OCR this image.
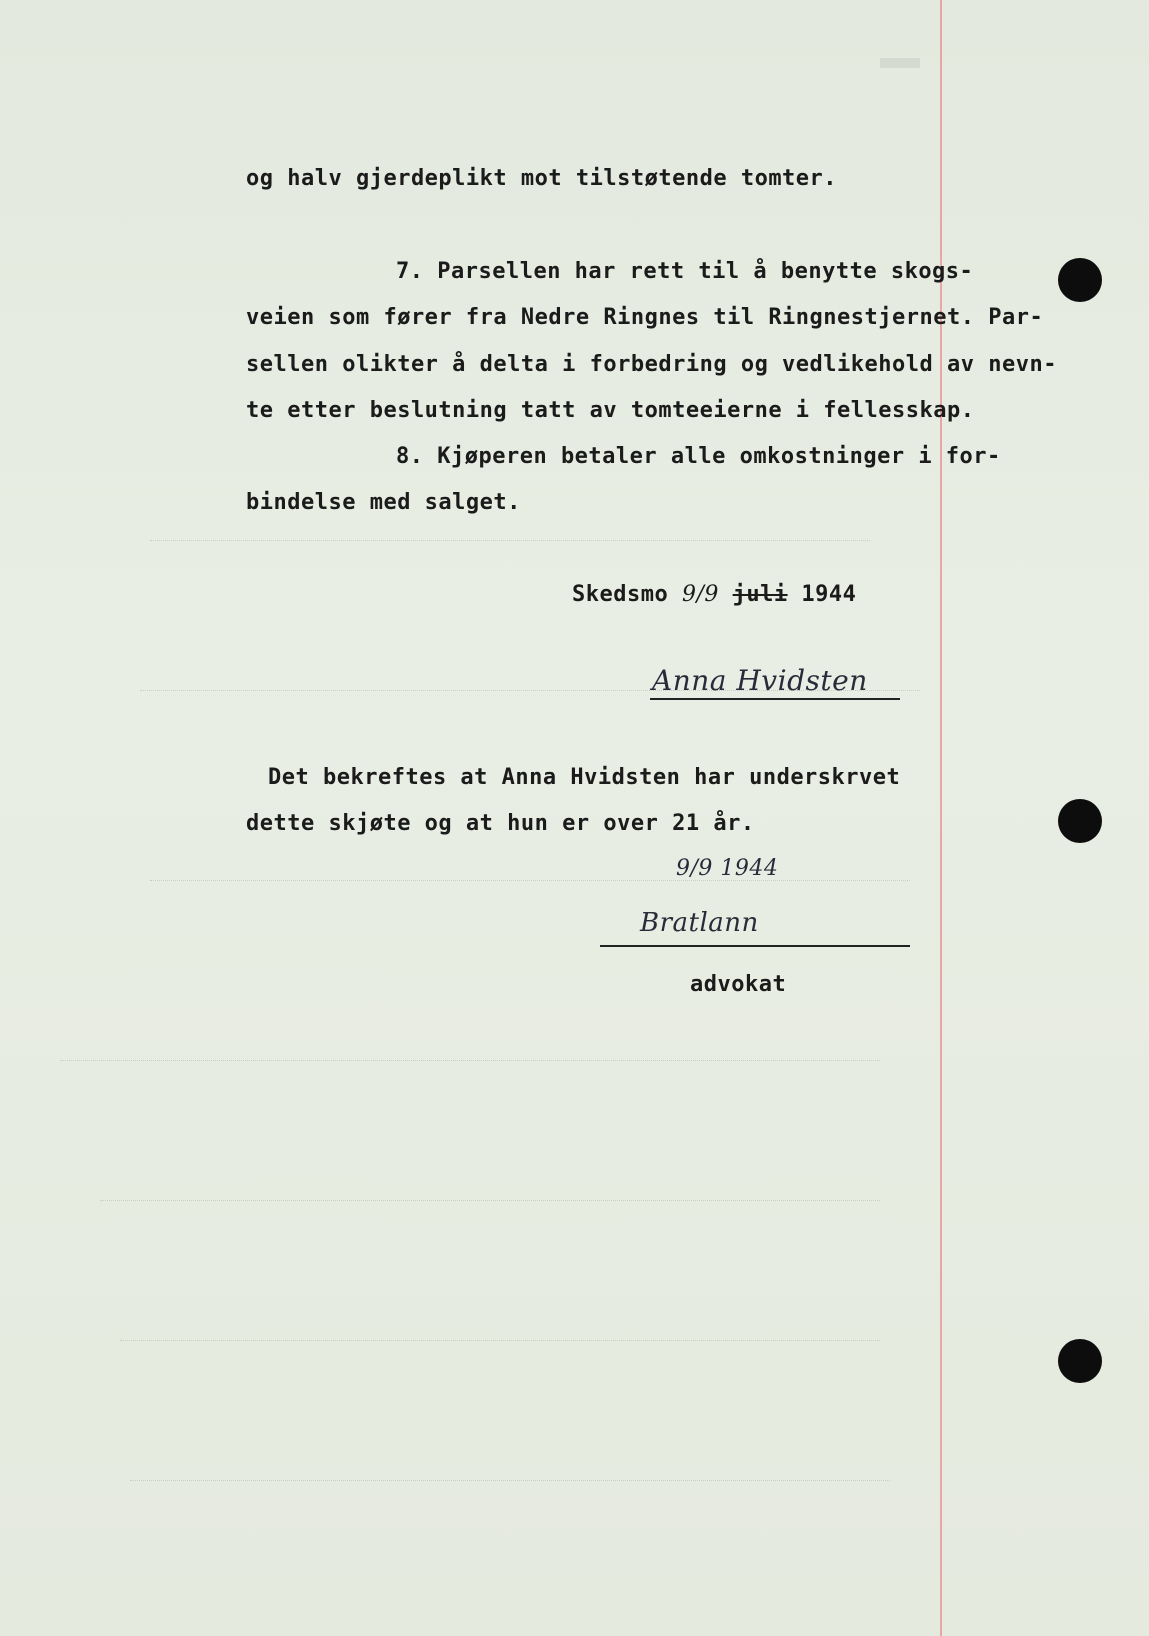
og halv gjerdeplikt mot tilstøtende tomter.
7. Parsellen har rett til å benytte skogs-
veien som fører fra Nedre Ringnes til Ringnestjernet. Par-
sellen olikter å delta i forbedring og vedlikehold av nevn-
te etter beslutning tatt av tomteeierne i fellesskap.
8. Kjøperen betaler alle omkostninger i for-
bindelse med salget.
Skedsmo 9/9 juli 1944
Anna Hvidsten
Det bekreftes at Anna Hvidsten har underskrvet
dette skjøte og at hun er over 21 år.
9/9 1944
Bratlann
advokat
